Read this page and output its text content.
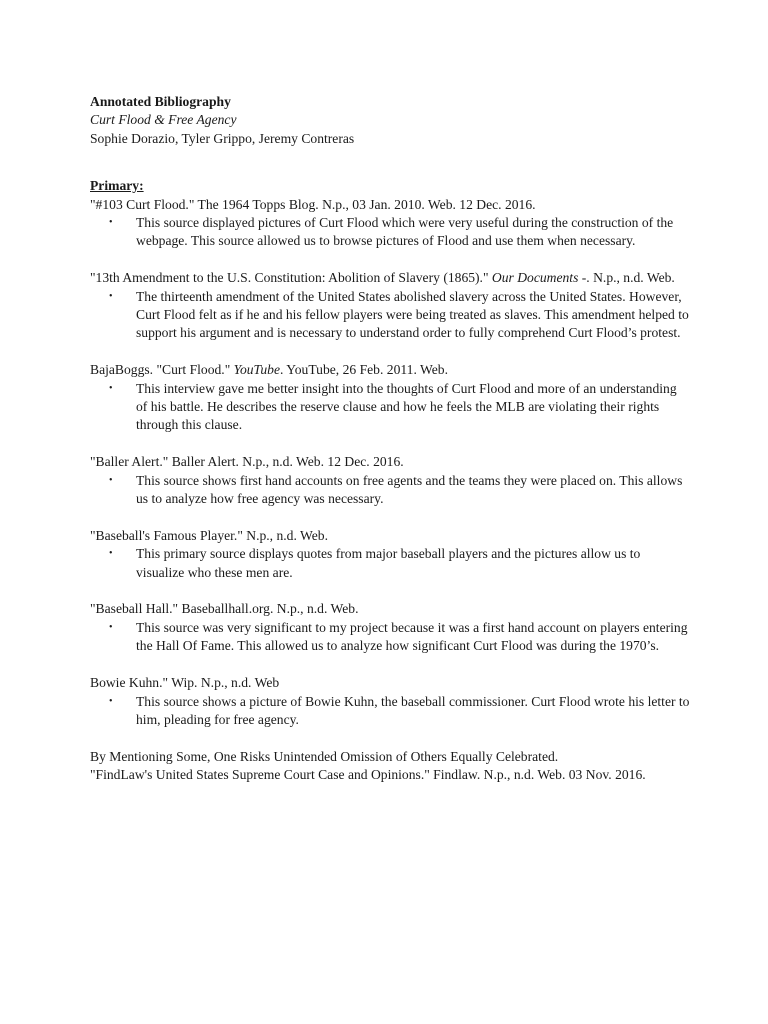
Annotated Bibliography

Curt Flood & Free Agency

Sophie Dorazio, Tyler Grippo, Jeremy Contreras

Primary:

"#103 Curt Flood." The 1964 Topps Blog. N.p., 03 Jan. 2010. Web. 12 Dec. 2016.

• This source displayed pictures of Curt Flood which were very useful during the construction of the webpage. This source allowed us to browse pictures of Flood and use them when necessary.

"13th Amendment to the U.S. Constitution: Abolition of Slavery (1865)." Our Documents -. N.p., n.d. Web.

• The thirteenth amendment of the United States abolished slavery across the United States. However, Curt Flood felt as if he and his fellow players were being treated as slaves. This amendment helped to support his argument and is necessary to understand order to fully comprehend Curt Flood’s protest.

BajaBoggs. "Curt Flood." YouTube. YouTube, 26 Feb. 2011. Web.

• This interview gave me better insight into the thoughts of Curt Flood and more of an understanding of his battle. He describes the reserve clause and how he feels the MLB are violating their rights through this clause.

"Baller Alert." Baller Alert. N.p., n.d. Web. 12 Dec. 2016.

• This source shows first hand accounts on free agents and the teams they were placed on. This allows us to analyze how free agency was necessary.

"Baseball's Famous Player." N.p., n.d. Web.

• This primary source displays quotes from major baseball players and the pictures allow us to visualize who these men are.

"Baseball Hall." Baseballhall.org. N.p., n.d. Web.

• This source was very significant to my project because it was a first hand account on players entering the Hall Of Fame. This allowed us to analyze how significant Curt Flood was during the 1970’s.

Bowie Kuhn." Wip. N.p., n.d. Web

• This source shows a picture of Bowie Kuhn, the baseball commissioner. Curt Flood wrote his letter to him, pleading for free agency.

By Mentioning Some, One Risks Unintended Omission of Others Equally Celebrated.

"FindLaw's United States Supreme Court Case and Opinions." Findlaw. N.p., n.d. Web. 03 Nov. 2016.
